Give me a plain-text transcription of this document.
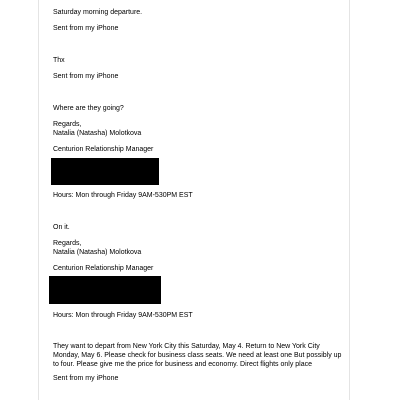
Saturday morning departure.
Sent from my iPhone
Thx
Sent from my iPhone
Where are they going?
Regards,
Natalia (Natasha) Molotkova
Centurion Relationship Manager
Hours: Mon through Friday 9AM-530PM EST
On it.
Regards,
Natalia (Natasha) Molotkova
Centurion Relationship Manager
Hours: Mon through Friday 9AM-530PM EST
They want to depart from New York City this Saturday, May 4. Return to New York City Monday, May 6. Please check for business class seats. We need at least one But possibly up to four. Please give me the price for business and economy. Direct flights only place
Sent from my iPhone
